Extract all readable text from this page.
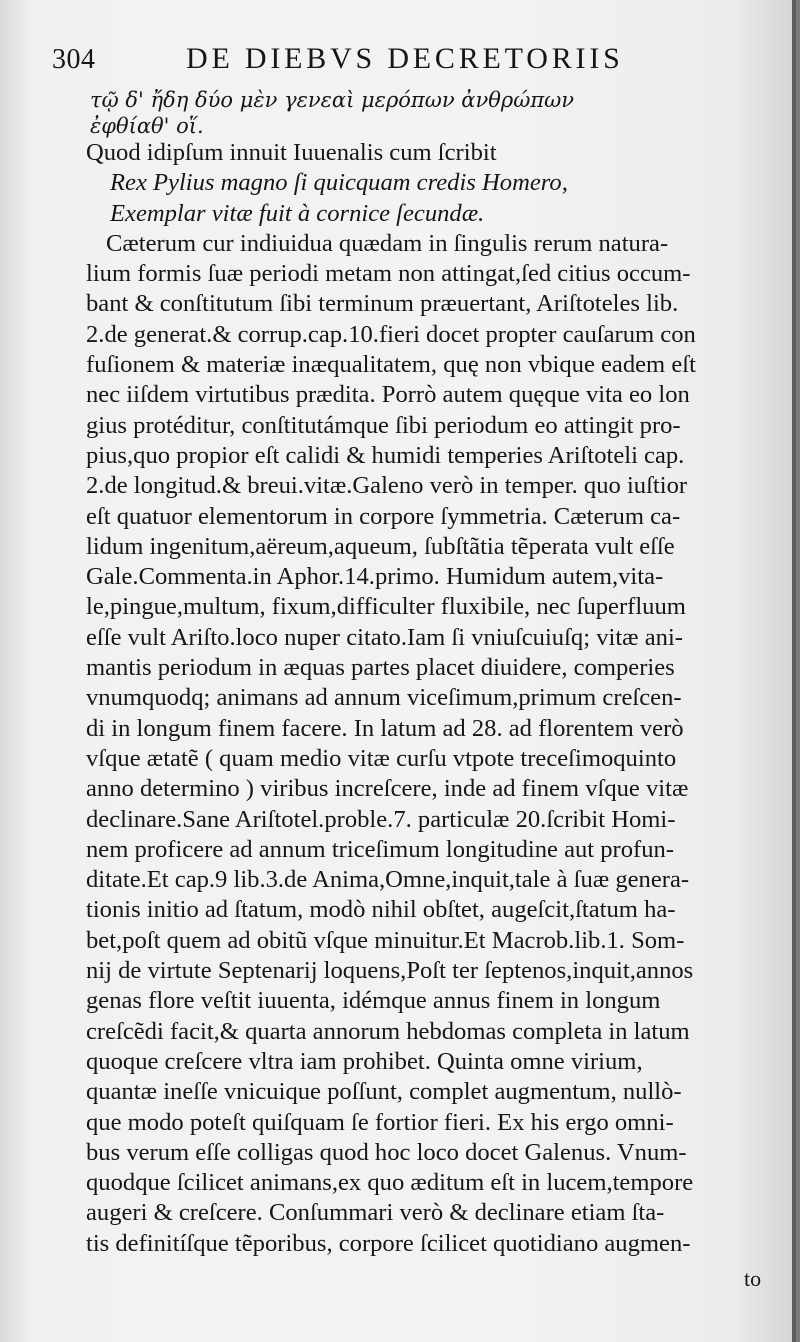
304	DE DIEBVS DECRETORIIS
τῷ δ' ἤδη δύο μὲν γενεαὶ μερόπων ἀνθρώπων
ἐφθίαθ' οἵ.
Quod idipſum innuit Iuuenalis cum ſcribit
Rex Pylius magno ſi quicquam credis Homero,
Exemplar vitæ fuit à cornice ſecundæ.
Cæterum cur indiuidua quædam in ſingulis rerum natura-
lium formis ſuæ periodi metam non attingat,ſed citius occum-
bant & conſtitutum ſibi terminum præuertant, Ariſtoteles lib.
2.de generat.& corrup.cap.10.fieri docet propter cauſarum con
fuſionem & materiæ inæqualitatem, quę non vbique eadem eſt
nec iiſdem virtutibus prædita. Porrò autem quęque vita eo lon
gius protéditur, conſtitutámque ſibi periodum eo attingit pro-
pius,quo propior eſt calidi & humidi temperies Ariſtoteli cap.
2.de longitud.& breui.vitæ.Galeno verò in temper. quo iuſtior
eſt quatuor elementorum in corpore ſymmetria. Cæterum ca-
lidum ingenitum,aëreum,aqueum, ſubſtãtia tẽperata vult eſſe
Gale.Commenta.in Aphor.14.primo. Humidum autem,vita-
le,pingue,multum, fixum,difficulter fluxibile, nec ſuperfluum
eſſe vult Ariſto.loco nuper citato.Iam ſi vniuſcuiuſq; vitæ ani-
mantis periodum in æquas partes placet diuidere, comperies
vnumquodq; animans ad annum viceſimum,primum creſcen-
di in longum finem facere. In latum ad 28. ad florentem verò
vſque ætatẽ ( quam medio vitæ curſu vtpote treceſimoquinto
anno determino ) viribus increſcere, inde ad finem vſque vitæ
declinare.Sane Ariſtotel.proble.7. particulæ 20.ſcribit Homi-
nem proficere ad annum triceſimum longitudine aut profun-
ditate.Et cap.9 lib.3.de Anima,Omne,inquit,tale à ſuæ genera-
tionis initio ad ſtatum, modò nihil obſtet, augeſcit,ſtatum ha-
bet,poſt quem ad obitũ vſque minuitur.Et Macrob.lib.1. Som-
nij de virtute Septenarij loquens,Poſt ter ſeptenos,inquit,annos
genas flore veſtit iuuenta, idémque annus finem in longum
creſcẽdi facit,& quarta annorum hebdomas completa in latum
quoque creſcere vltra iam prohibet. Quinta omne virium,
quantæ ineſſe vnicuique poſſunt, complet augmentum, nullò-
que modo poteſt quiſquam ſe fortior fieri. Ex his ergo omni-
bus verum eſſe colligas quod hoc loco docet Galenus. Vnum-
quodque ſcilicet animans,ex quo æditum eſt in lucem,tempore
augeri & creſcere. Conſummari verò & declinare etiam ſta-
tis definitíſque tẽporibus, corpore ſcilicet quotidiano augmen-
to
